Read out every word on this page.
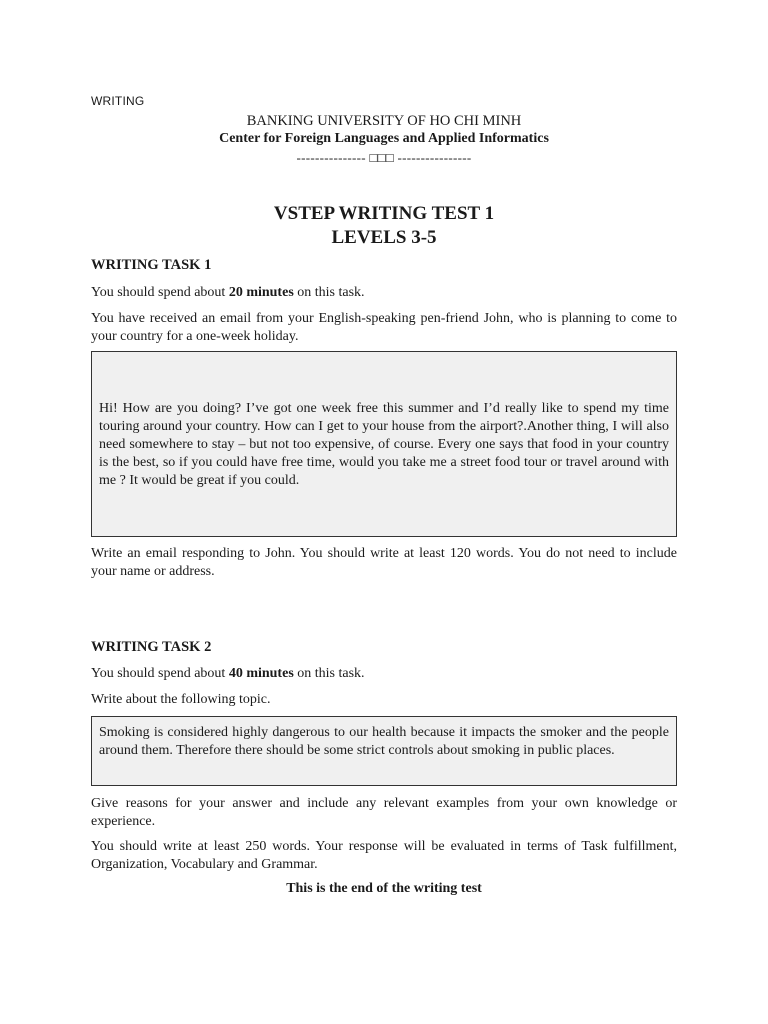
WRITING
BANKING UNIVERSITY OF HO CHI MINH
Center for Foreign Languages and Applied Informatics
--------------- □□□ ----------------
VSTEP WRITING TEST 1
LEVELS 3-5
WRITING TASK 1
You should spend about 20 minutes on this task.
You have received an email from your English-speaking pen-friend John, who is planning to come to your country for a one-week holiday.
Hi! How are you doing? I’ve got one week free this summer and I’d really like to spend my time touring around your country. How can I get to your house from the airport?.Another thing, I will also need somewhere to stay – but not too expensive, of course. Every one says that food in your country is the best, so if you could have free time, would you take me a street food tour or travel around with me ? It would be great if you could.
Write an email responding to John. You should write at least 120 words. You do not need to include your name or address.
WRITING TASK 2
You should spend about 40 minutes on this task.
Write about the following topic.
Smoking is considered highly dangerous to our health because it impacts the smoker and the people around them. Therefore there should be some strict controls about smoking in public places.
Give reasons for your answer and include any relevant examples from your own knowledge or experience.
You should write at least 250 words. Your response will be evaluated in terms of Task fulfillment, Organization, Vocabulary and Grammar.
This is the end of the writing test
